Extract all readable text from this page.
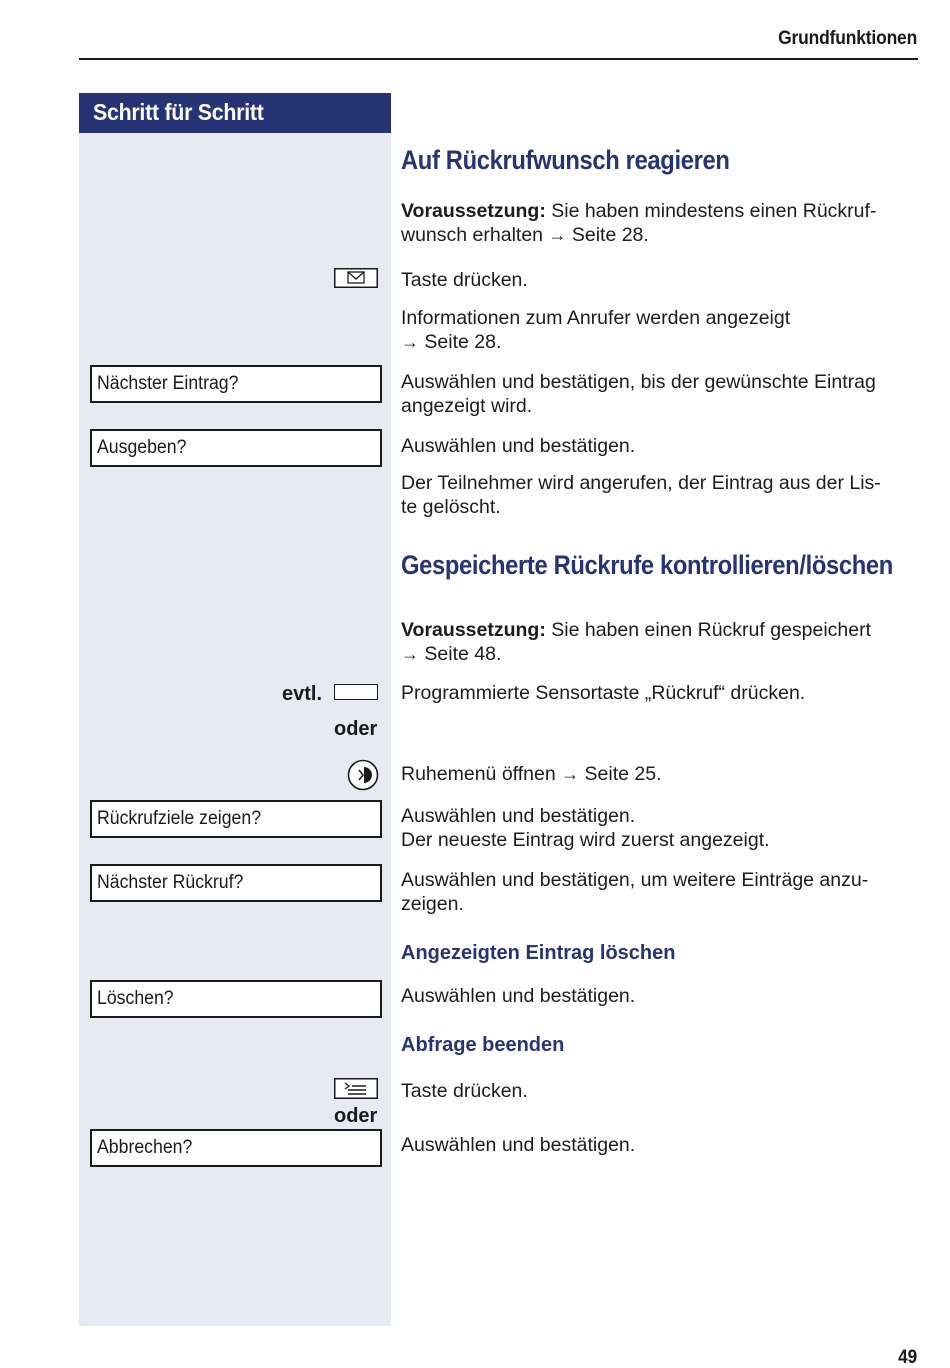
Grundfunktionen
Schritt für Schritt
Auf Rückrufwunsch reagieren
Voraussetzung: Sie haben mindestens einen Rückruf-
wunsch erhalten → Seite 28.
Taste drücken.
Informationen zum Anrufer werden angezeigt
→ Seite 28.
Nächster Eintrag?	Auswählen und bestätigen, bis der gewünschte Eintrag
angezeigt wird.
Ausgeben?	Auswählen und bestätigen.
Der Teilnehmer wird angerufen, der Eintrag aus der Lis-
te gelöscht.
Gespeicherte Rückrufe kontrollieren/löschen
Voraussetzung: Sie haben einen Rückruf gespeichert
→ Seite 48.
evtl.	Programmierte Sensortaste „Rückruf“ drücken.
oder
Ruhemenü öffnen → Seite 25.
Rückrufziele zeigen?	Auswählen und bestätigen.
Der neueste Eintrag wird zuerst angezeigt.
Nächster Rückruf?	Auswählen und bestätigen, um weitere Einträge anzu-
zeigen.
Angezeigten Eintrag löschen
Löschen?	Auswählen und bestätigen.
Abfrage beenden
Taste drücken.
oder
Abbrechen?	Auswählen und bestätigen.
49
